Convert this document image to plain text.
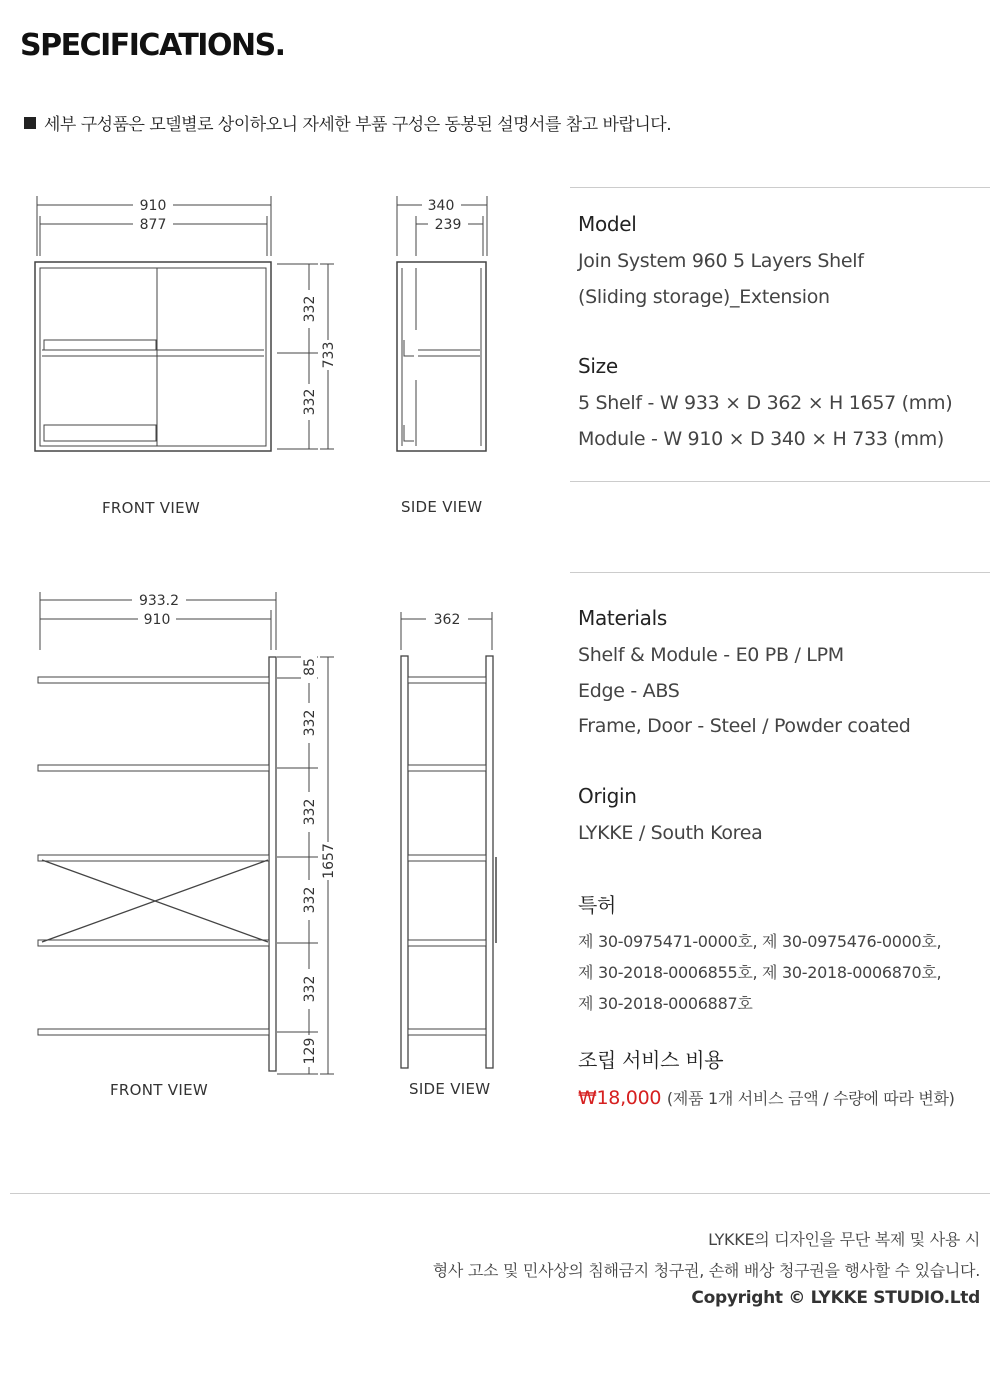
SPECIFICATIONS.
세부 구성품은 모델별로 상이하오니 자세한 부품 구성은 동봉된 설명서를 참고 바랍니다.
910
877
332
332
733
340
239
933.2
910	362
85
332
332
332
332
129
1657
FRONT VIEW	SIDE VIEW
FRONT VIEW	SIDE VIEW
Model
Join System 960 5 Layers Shelf
(Sliding storage)_Extension
Size
5 Shelf - W 933 × D 362 × H 1657 (mm)
Module - W 910 × D 340 × H 733 (mm)
Materials
Shelf & Module - E0 PB / LPM
Edge - ABS
Frame, Door - Steel / Powder coated
Origin
LYKKE / South Korea
특허
제 30-0975471-0000호, 제 30-0975476-0000호,
제 30-2018-0006855호, 제 30-2018-0006870호,
제 30-2018-0006887호
조립 서비스 비용
₩18,000 (제품 1개 서비스 금액 / 수량에 따라 변화)
LYKKE의 디자인을 무단 복제 및 사용 시
형사 고소 및 민사상의 침해금지 청구권, 손해 배상 청구권을 행사할 수 있습니다.
Copyright © LYKKE STUDIO.Ltd
